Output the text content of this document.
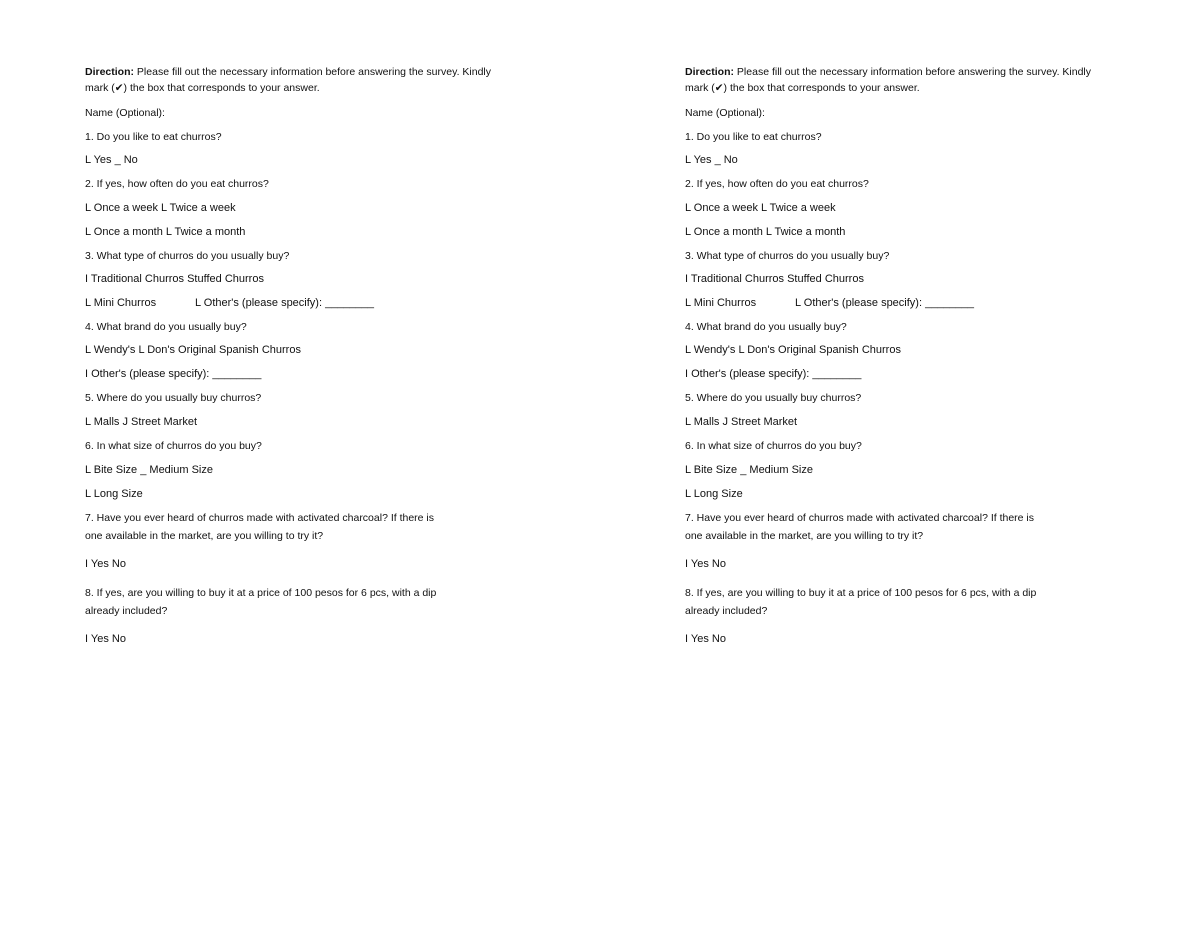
Direction: Please fill out the necessary information before answering the survey. Kindly
mark (✔) the box that corresponds to your answer.
Name (Optional):
1. Do you like to eat churros?
L Yes _ No
2. If yes, how often do you eat churros?
L Once a week L Twice a week
L Once a month L Twice a month
3. What type of churros do you usually buy?
I Traditional Churros Stuffed Churros
L Mini Churros	L Other's (please specify): ________
4. What brand do you usually buy?
L Wendy's L Don's Original Spanish Churros
I Other's (please specify): ________
5. Where do you usually buy churros?
L Malls J Street Market
6. In what size of churros do you buy?
L Bite Size _ Medium Size
L Long Size
7. Have you ever heard of churros made with activated charcoal? If there is
one available in the market, are you willing to try it?
I Yes No
8. If yes, are you willing to buy it at a price of 100 pesos for 6 pcs, with a dip
already included?
I Yes No
Direction: Please fill out the necessary information before answering the survey. Kindly
mark (✔) the box that corresponds to your answer.
Name (Optional):
1. Do you like to eat churros?
L Yes _ No
2. If yes, how often do you eat churros?
L Once a week L Twice a week
L Once a month L Twice a month
3. What type of churros do you usually buy?
I Traditional Churros Stuffed Churros
L Mini Churros	L Other's (please specify): ________
4. What brand do you usually buy?
L Wendy's L Don's Original Spanish Churros
I Other's (please specify): ________
5. Where do you usually buy churros?
L Malls J Street Market
6. In what size of churros do you buy?
L Bite Size _ Medium Size
L Long Size
7. Have you ever heard of churros made with activated charcoal? If there is
one available in the market, are you willing to try it?
I Yes No
8. If yes, are you willing to buy it at a price of 100 pesos for 6 pcs, with a dip
already included?
I Yes No
